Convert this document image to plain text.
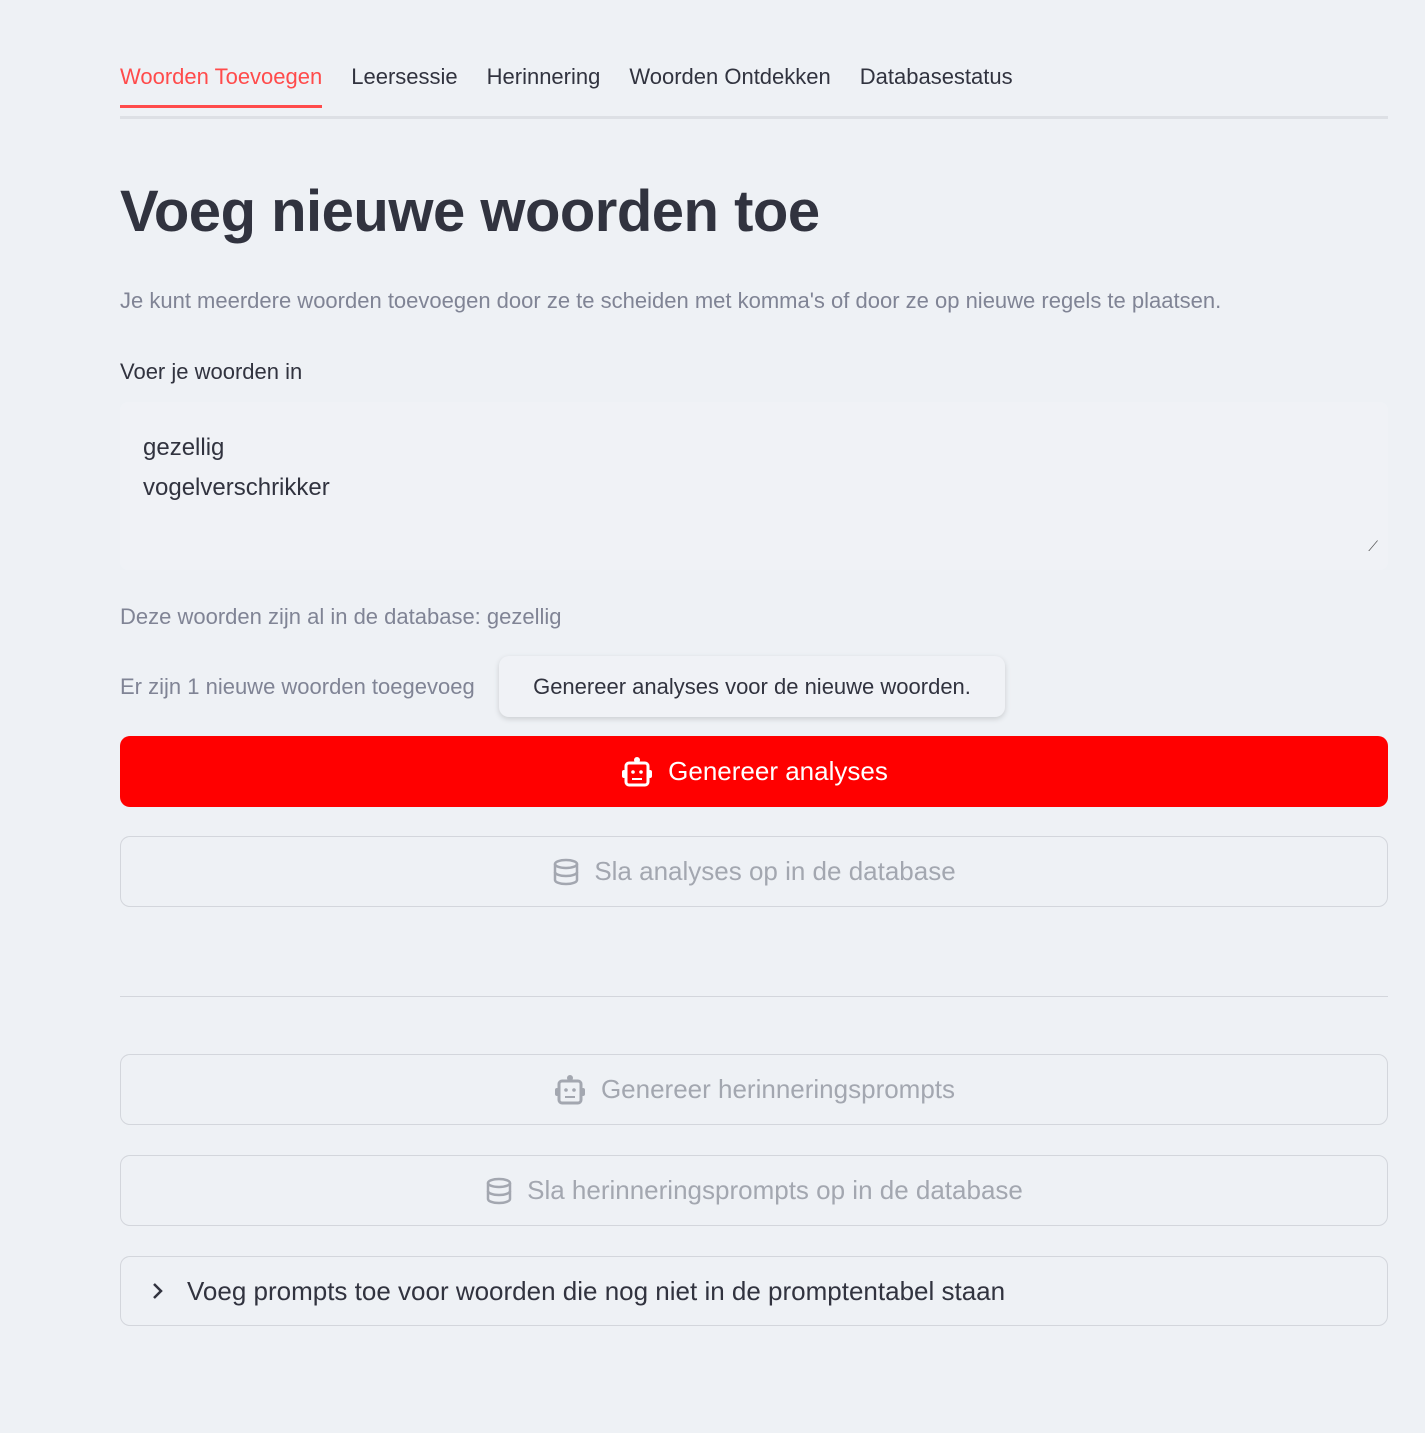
Woorden Toevoegen Leersessie Herinnering Woorden Ontdekken Databasestatus
Voeg nieuwe woorden toe
Je kunt meerdere woorden toevoegen door ze te scheiden met komma's of door ze op nieuwe regels te plaatsen.
Voer je woorden in
gezellig
vogelverschrikker
⟋
Deze woorden zijn al in de database: gezellig
Er zijn 1 nieuwe woorden toegevoeg	Genereer analyses voor de nieuwe woorden.
Genereer analyses
Sla analyses op in de database
Genereer herinneringsprompts
Sla herinneringsprompts op in de database
Voeg prompts toe voor woorden die nog niet in de promptentabel staan
